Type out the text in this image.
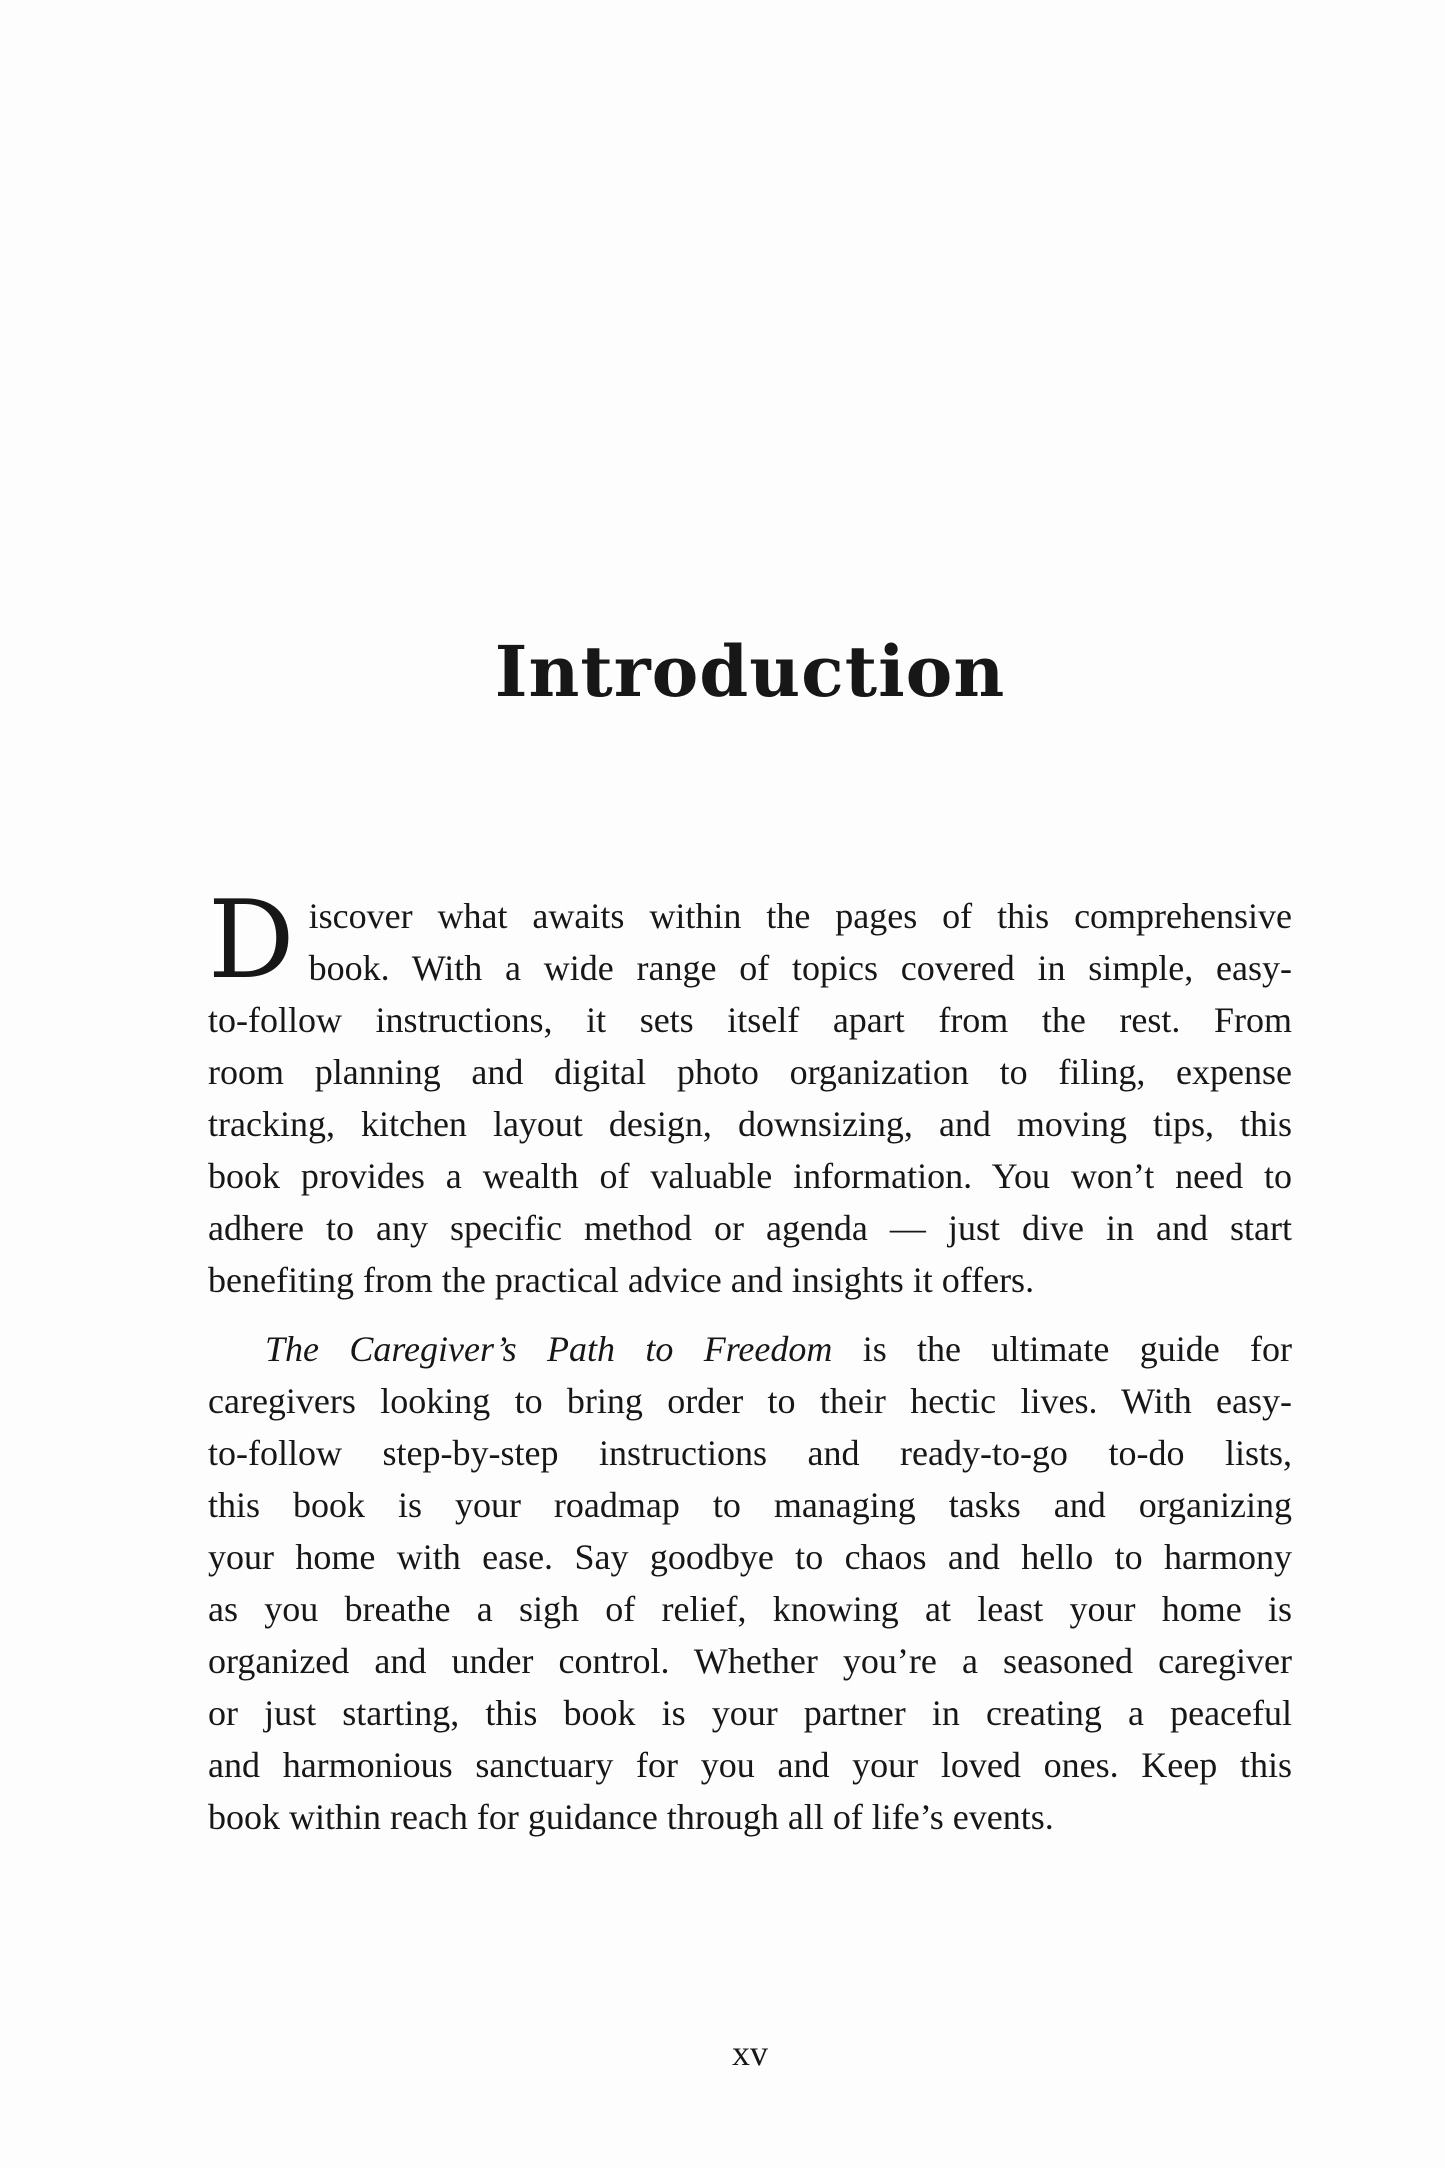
Introduction
D iscover what awaits within the pages of this comprehensive
book. With a wide range of topics covered in simple, easy-
to-follow instructions, it sets itself apart from the rest. From
room planning and digital photo organization to filing, expense
tracking, kitchen layout design, downsizing, and moving tips, this
book provides a wealth of valuable information. You won’t need to
adhere to any specific method or agenda — just dive in and start
benefiting from the practical advice and insights it offers.
The Caregiver’s Path to Freedom is the ultimate guide for
caregivers looking to bring order to their hectic lives. With easy-
to-follow step-by-step instructions and ready-to-go to-do lists,
this book is your roadmap to managing tasks and organizing
your home with ease. Say goodbye to chaos and hello to harmony
as you breathe a sigh of relief, knowing at least your home is
organized and under control. Whether you’re a seasoned caregiver
or just starting, this book is your partner in creating a peaceful
and harmonious sanctuary for you and your loved ones. Keep this
book within reach for guidance through all of life’s events.
xv
